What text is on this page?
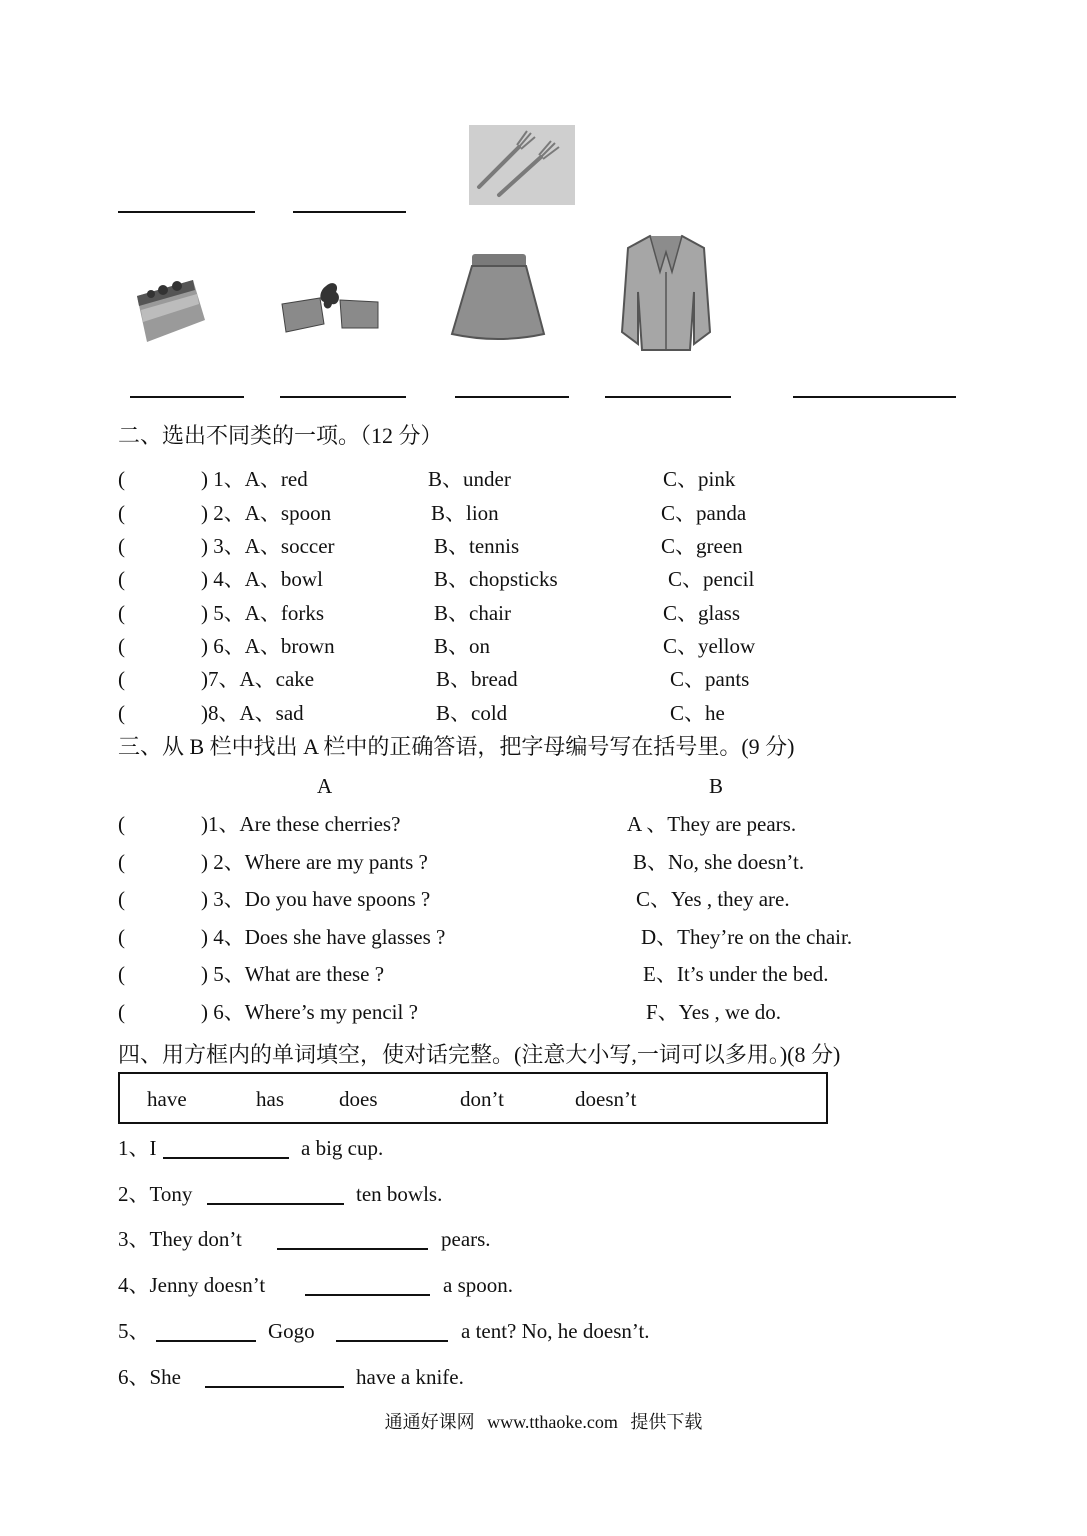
二、选出不同类的一项。（12 分）
(	) 1、A、red	B、under	C、pink
(	) 2、A、spoon	B、lion	C、panda
(	) 3、A、soccer	B、tennis	C、green
(	) 4、A、bowl	B、chopsticks	C、pencil
(	) 5、A、forks	B、chair	C、glass
(	) 6、A、brown	B、on	C、yellow
(	)7、A、cake	B、bread	C、pants
(	)8、A、sad	B、cold	C、he
三、从 B 栏中找出 A 栏中的正确答语，把字母编号写在括号里。(9 分)
A	B
(	)1、Are these cherries?	A 、They are pears.
(	) 2、Where are my pants ?	B、No, she doesn’t.
(	) 3、Do you have spoons ?	C、Yes , they are.
(	) 4、Does she have glasses ?	D、They’re on the chair.
(	) 5、What are these ?	E、It’s under the bed.
(	) 6、Where’s my pencil ?	F、Yes , we do.
四、用方框内的单词填空，使对话完整。(注意大小写,一词可以多用。)(8 分)
have	has	does	don’t	doesn’t
1、I	a big cup.
2、Tony	ten bowls.
3、They don’t	pears.
4、Jenny doesn’t	a spoon.
5、	Gogo	a tent? No, he doesn’t.
6、She	have a knife.
通通好课网 www.tthaoke.com 提供下载
